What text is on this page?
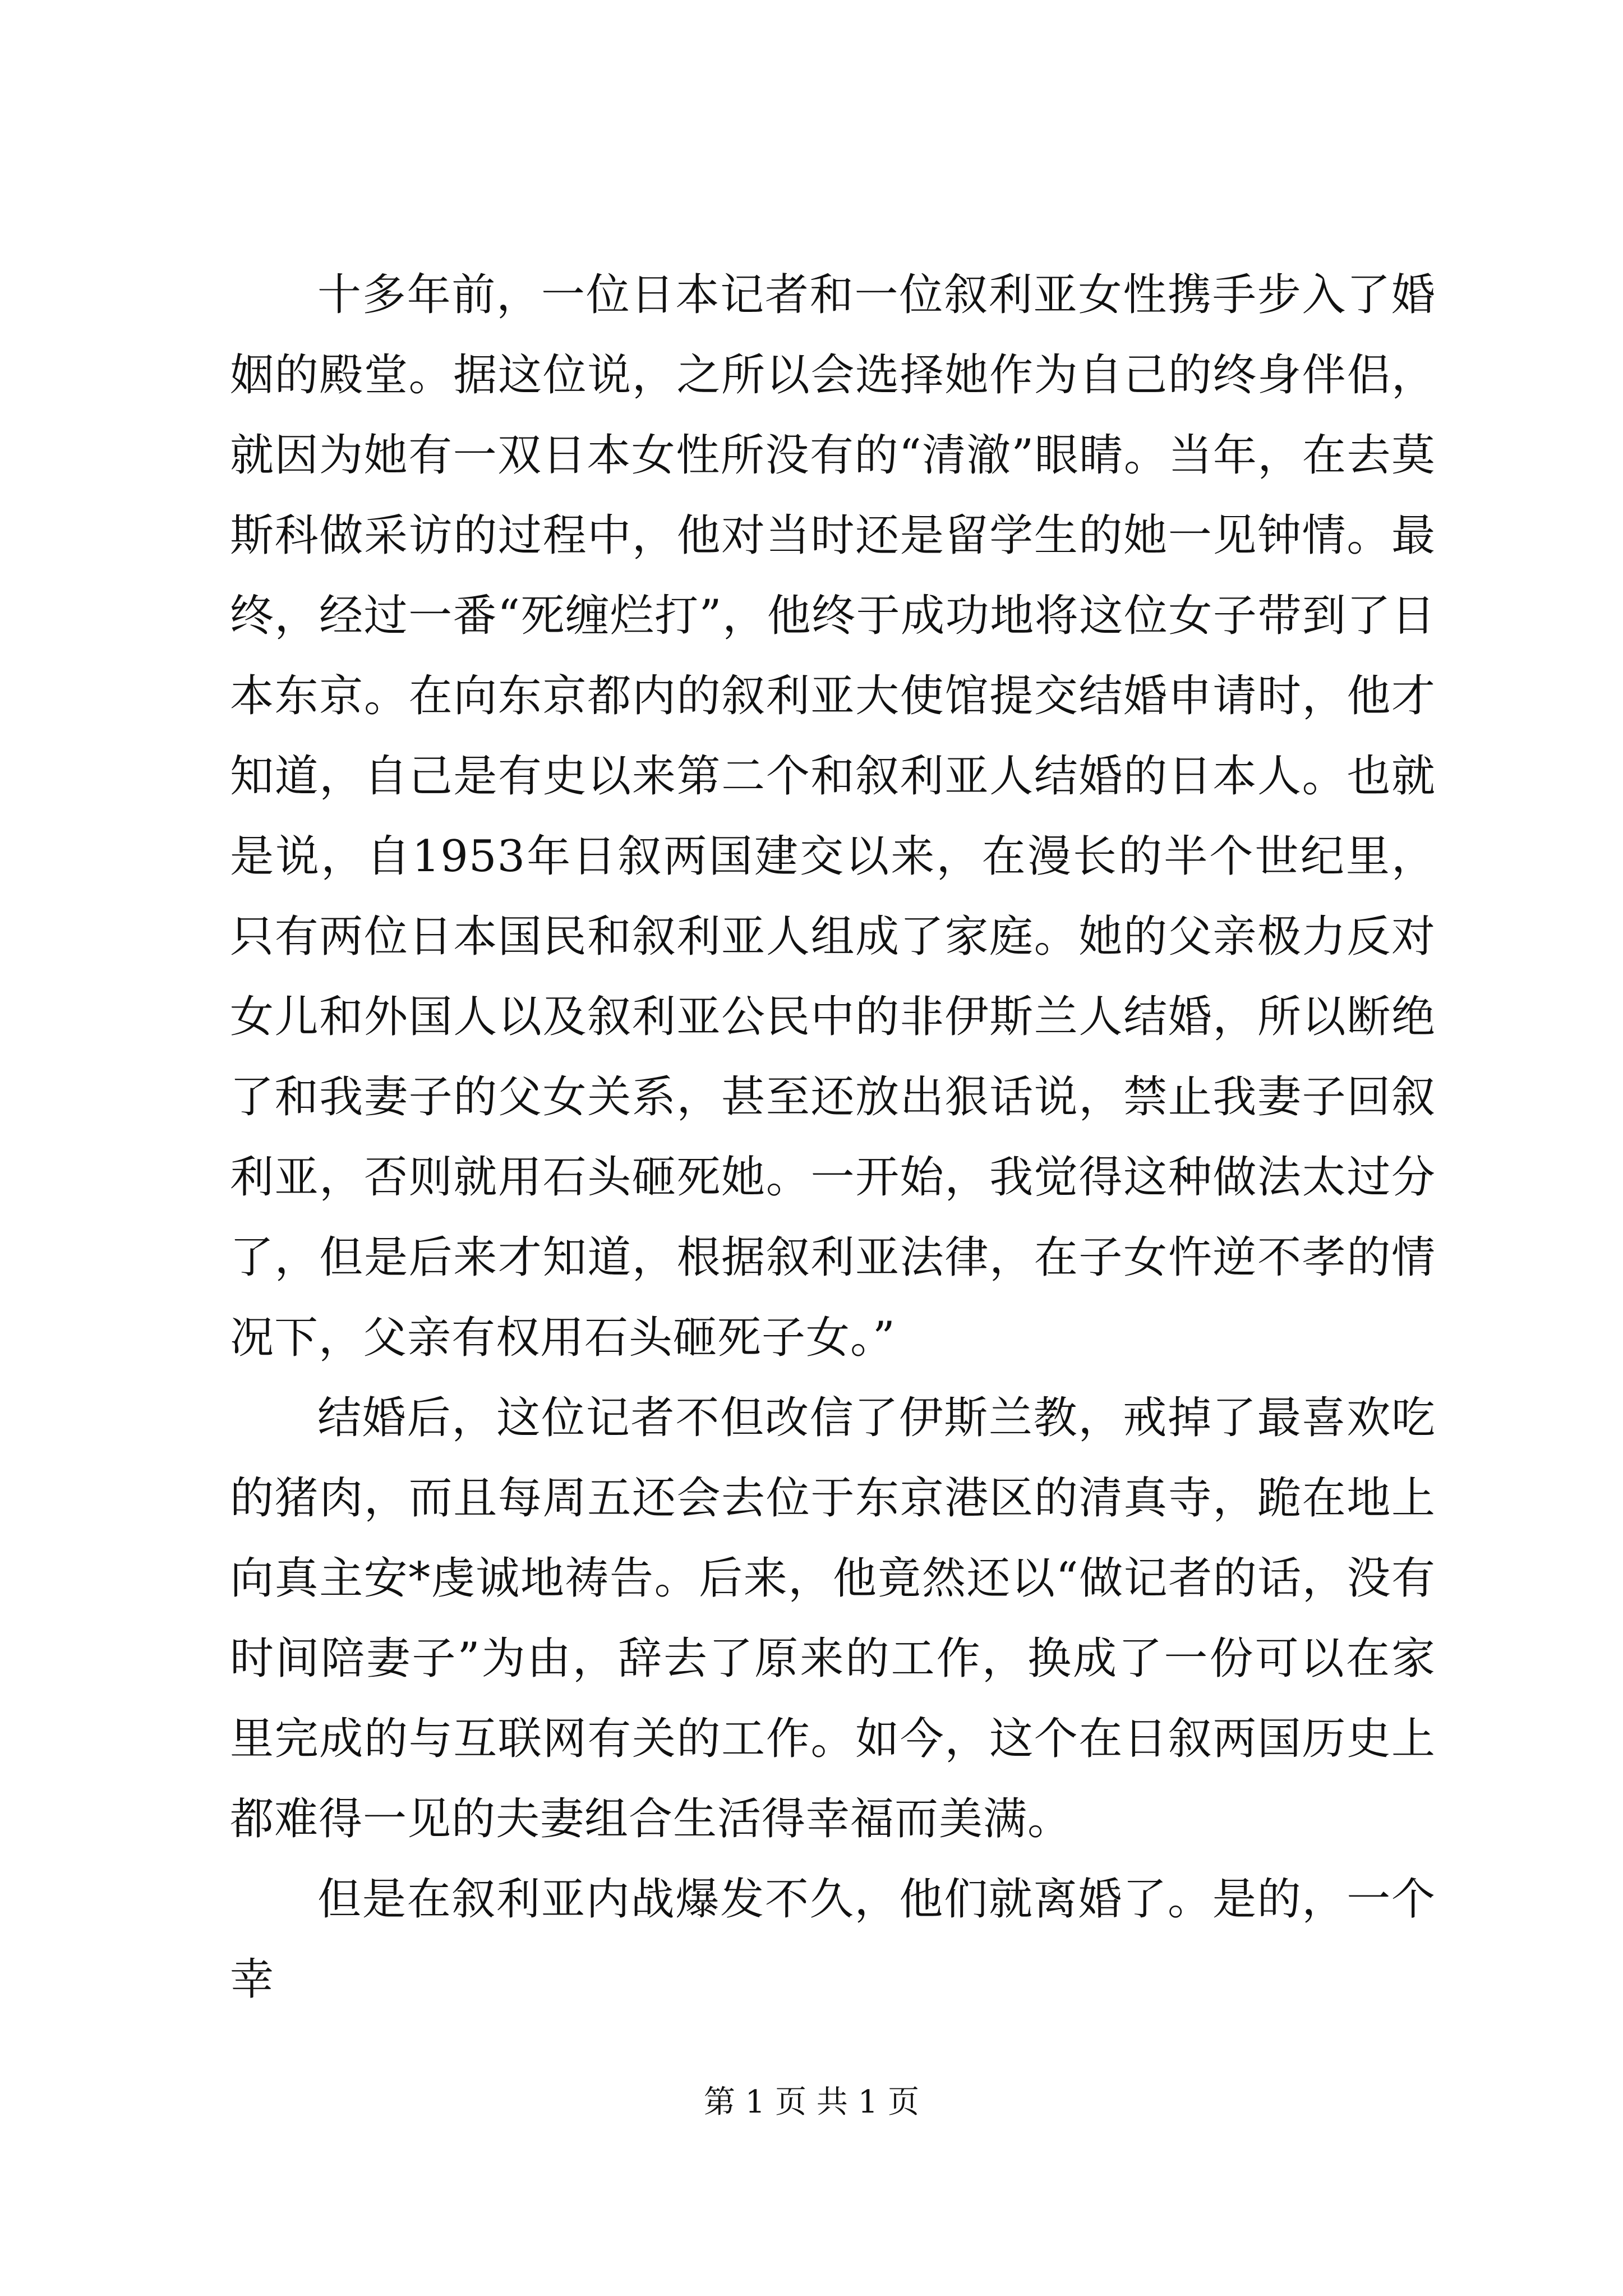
十多年前，一位日本记者和一位叙利亚女性携手步入了婚姻的殿堂。据这位说，之所以会选择她作为自己的终身伴侣，就因为她有一双日本女性所没有的“清澈”眼睛。当年，在去莫斯科做采访的过程中，他对当时还是留学生的她一见钟情。最终，经过一番“死缠烂打”，他终于成功地将这位女子带到了日本东京。在向东京都内的叙利亚大使馆提交结婚申请时，他才知道，自己是有史以来第二个和叙利亚人结婚的日本人。也就是说，自1953年日叙两国建交以来，在漫长的半个世纪里，只有两位日本国民和叙利亚人组成了家庭。她的父亲极力反对女儿和外国人以及叙利亚公民中的非伊斯兰人结婚，所以断绝了和我妻子的父女关系，甚至还放出狠话说，禁止我妻子回叙利亚，否则就用石头砸死她。一开始，我觉得这种做法太过分了，但是后来才知道，根据叙利亚法律，在子女忤逆不孝的情况下，父亲有权用石头砸死子女。”

结婚后，这位记者不但改信了伊斯兰教，戒掉了最喜欢吃的猪肉，而且每周五还会去位于东京港区的清真寺，跪在地上向真主安*虔诚地祷告。后来，他竟然还以“做记者的话，没有时间陪妻子”为由，辞去了原来的工作，换成了一份可以在家里完成的与互联网有关的工作。如今，这个在日叙两国历史上都难得一见的夫妻组合生活得幸福而美满。

但是在叙利亚内战爆发不久，他们就离婚了。是的，一个幸

第 1 页 共 1 页
